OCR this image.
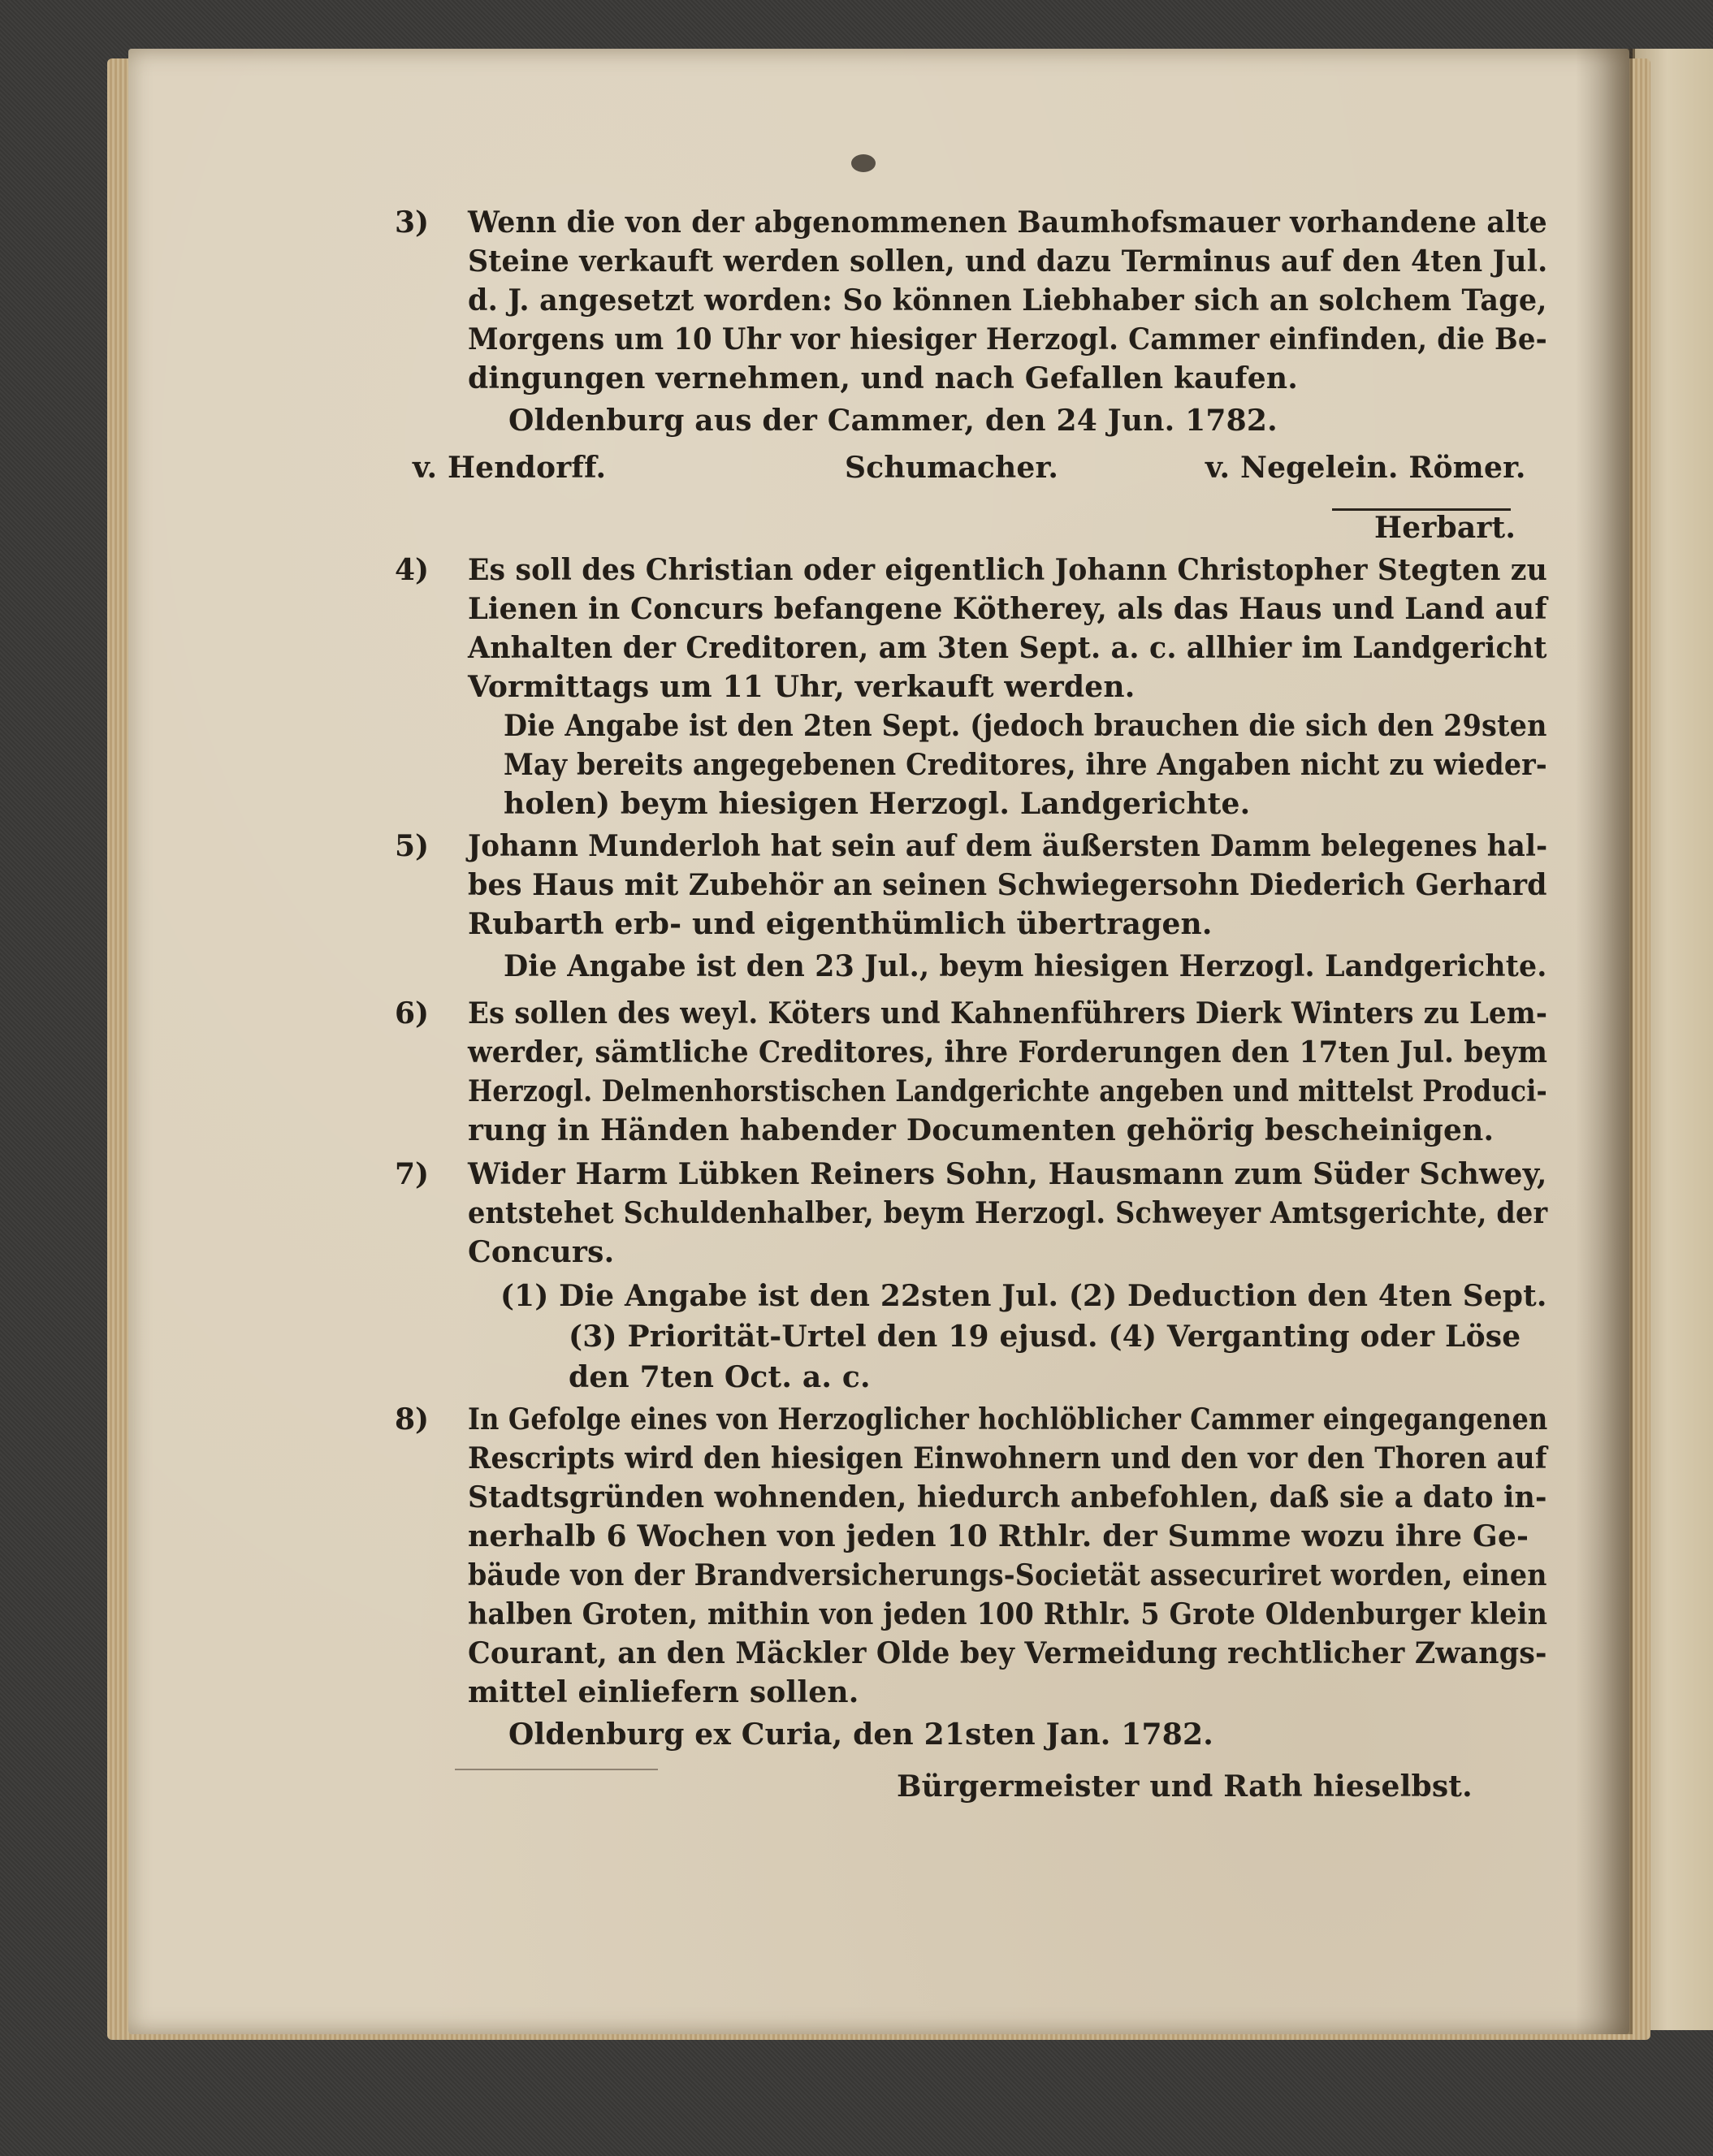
3) Wenn die von der abgenommenen Baumhofsmauer vorhandene alte
Steine verkauft werden sollen, und dazu Terminus auf den 4ten Jul.
d. J. angesetzt worden: So können Liebhaber sich an solchem Tage,
Morgens um 10 Uhr vor hiesiger Herzogl. Cammer einfinden, die Be-
dingungen vernehmen, und nach Gefallen kaufen.
Oldenburg aus der Cammer, den 24 Jun. 1782.
v. Hendorff.	Schumacher.	v. Negelein. Römer.
Herbart.
4) Es soll des Christian oder eigentlich Johann Christopher Stegten zu
Lienen in Concurs befangene Kötherey, als das Haus und Land auf
Anhalten der Creditoren, am 3ten Sept. a. c. allhier im Landgericht
Vormittags um 11 Uhr, verkauft werden.
Die Angabe ist den 2ten Sept. (jedoch brauchen die sich den 29sten
May bereits angegebenen Creditores, ihre Angaben nicht zu wieder-
holen) beym hiesigen Herzogl. Landgerichte.
5) Johann Munderloh hat sein auf dem äußersten Damm belegenes hal-
bes Haus mit Zubehör an seinen Schwiegersohn Diederich Gerhard
Rubarth erb- und eigenthümlich übertragen.
Die Angabe ist den 23 Jul., beym hiesigen Herzogl. Landgerichte.
6) Es sollen des weyl. Köters und Kahnenführers Dierk Winters zu Lem-
werder, sämtliche Creditores, ihre Forderungen den 17ten Jul. beym
Herzogl. Delmenhorstischen Landgerichte angeben und mittelst Produci-
rung in Händen habender Documenten gehörig bescheinigen.
7) Wider Harm Lübken Reiners Sohn, Hausmann zum Süder Schwey,
entstehet Schuldenhalber, beym Herzogl. Schweyer Amtsgerichte, der
Concurs.
(1) Die Angabe ist den 22sten Jul. (2) Deduction den 4ten Sept.
(3) Priorität-Urtel den 19 ejusd. (4) Verganting oder Löse
den 7ten Oct. a. c.
8) In Gefolge eines von Herzoglicher hochlöblicher Cammer eingegangenen
Rescripts wird den hiesigen Einwohnern und den vor den Thoren auf
Stadtsgründen wohnenden, hiedurch anbefohlen, daß sie a dato in-
nerhalb 6 Wochen von jeden 10 Rthlr. der Summe wozu ihre Ge-
bäude von der Brandversicherungs-Societät assecuriret worden, einen
halben Groten, mithin von jeden 100 Rthlr. 5 Grote Oldenburger klein
Courant, an den Mäckler Olde bey Vermeidung rechtlicher Zwangs-
mittel einliefern sollen.
Oldenburg ex Curia, den 21sten Jan. 1782.
Bürgermeister und Rath hieselbst.
